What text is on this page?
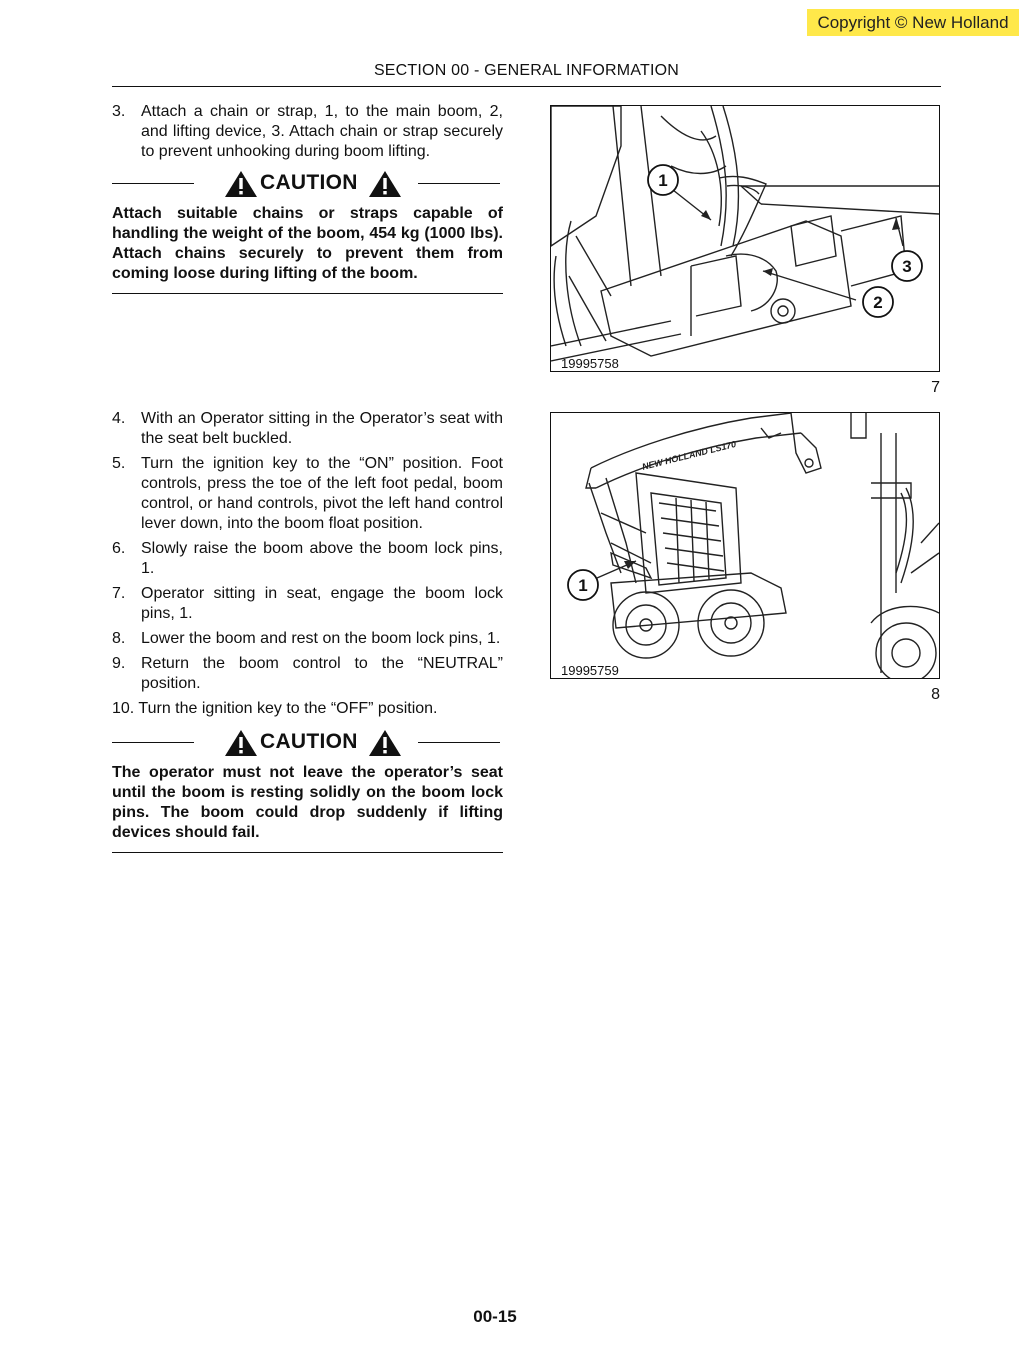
Copyright © New Holland
SECTION 00 - GENERAL INFORMATION
3. Attach a chain or strap, 1, to the main boom, 2, and lifting device, 3. Attach chain or strap securely to prevent unhooking during boom lifting.
CAUTION
Attach suitable chains or straps capable of handling the weight of the boom, 454 kg (1000 lbs). Attach chains securely to prevent them from coming loose during lifting of the boom.
1
3
2
19995758
7
4. With an Operator sitting in the Operator’s seat with the seat belt buckled.
5. Turn the ignition key to the “ON” position. Foot controls, press the toe of the left foot pedal, boom control, or hand controls, pivot the left hand control lever down, into the boom float position.
6. Slowly raise the boom above the boom lock pins, 1.
7. Operator sitting in seat, engage the boom lock pins, 1.
8. Lower the boom and rest on the boom lock pins, 1.
9. Return the boom control to the “NEUTRAL” position.
10. Turn the ignition key to the “OFF” position.
CAUTION
The operator must not leave the operator’s seat until the boom is resting solidly on the boom lock pins. The boom could drop suddenly if lifting devices should fail.
NEW HOLLAND LS170
1
19995759
8
00-15
